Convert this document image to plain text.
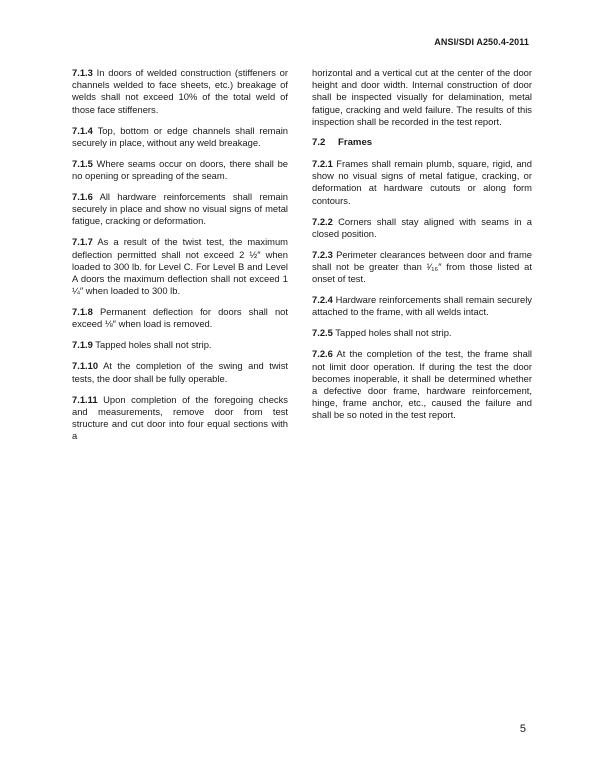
ANSI/SDI A250.4-2011

7.1.3 In doors of welded construction (stiffeners or channels welded to face sheets, etc.) breakage of welds shall not exceed 10% of the total weld of those face stiffeners.

7.1.4 Top, bottom or edge channels shall remain securely in place, without any weld breakage.

7.1.5 Where seams occur on doors, there shall be no opening or spreading of the seam.

7.1.6 All hardware reinforcements shall remain securely in place and show no visual signs of metal fatigue, cracking or deformation.

7.1.7 As a result of the twist test, the maximum deflection permitted shall not exceed 2 ½″ when loaded to 300 lb. for Level C. For Level B and Level A doors the maximum deflection shall not exceed 1 ¼″ when loaded to 300 lb.

7.1.8 Permanent deflection for doors shall not exceed ⅛″ when load is removed.

7.1.9 Tapped holes shall not strip.

7.1.10 At the completion of the swing and twist tests, the door shall be fully operable.

7.1.11 Upon completion of the foregoing checks and measurements, remove door from test structure and cut door into four equal sections with a

horizontal and a vertical cut at the center of the door height and door width. Internal construction of door shall be inspected visually for delamination, metal fatigue, cracking and weld failure. The results of this inspection shall be recorded in the test report.

7.2 Frames

7.2.1 Frames shall remain plumb, square, rigid, and show no visual signs of metal fatigue, cracking, or deformation at hardware cutouts or along form contours.

7.2.2 Corners shall stay aligned with seams in a closed position.

7.2.3 Perimeter clearances between door and frame shall not be greater than ¹⁄₁₆″ from those listed at onset of test.

7.2.4 Hardware reinforcements shall remain securely attached to the frame, with all welds intact.

7.2.5 Tapped holes shall not strip.

7.2.6 At the completion of the test, the frame shall not limit door operation. If during the test the door becomes inoperable, it shall be determined whether a defective door frame, hardware reinforcement, hinge, frame anchor, etc., caused the failure and shall be so noted in the test report.

5
